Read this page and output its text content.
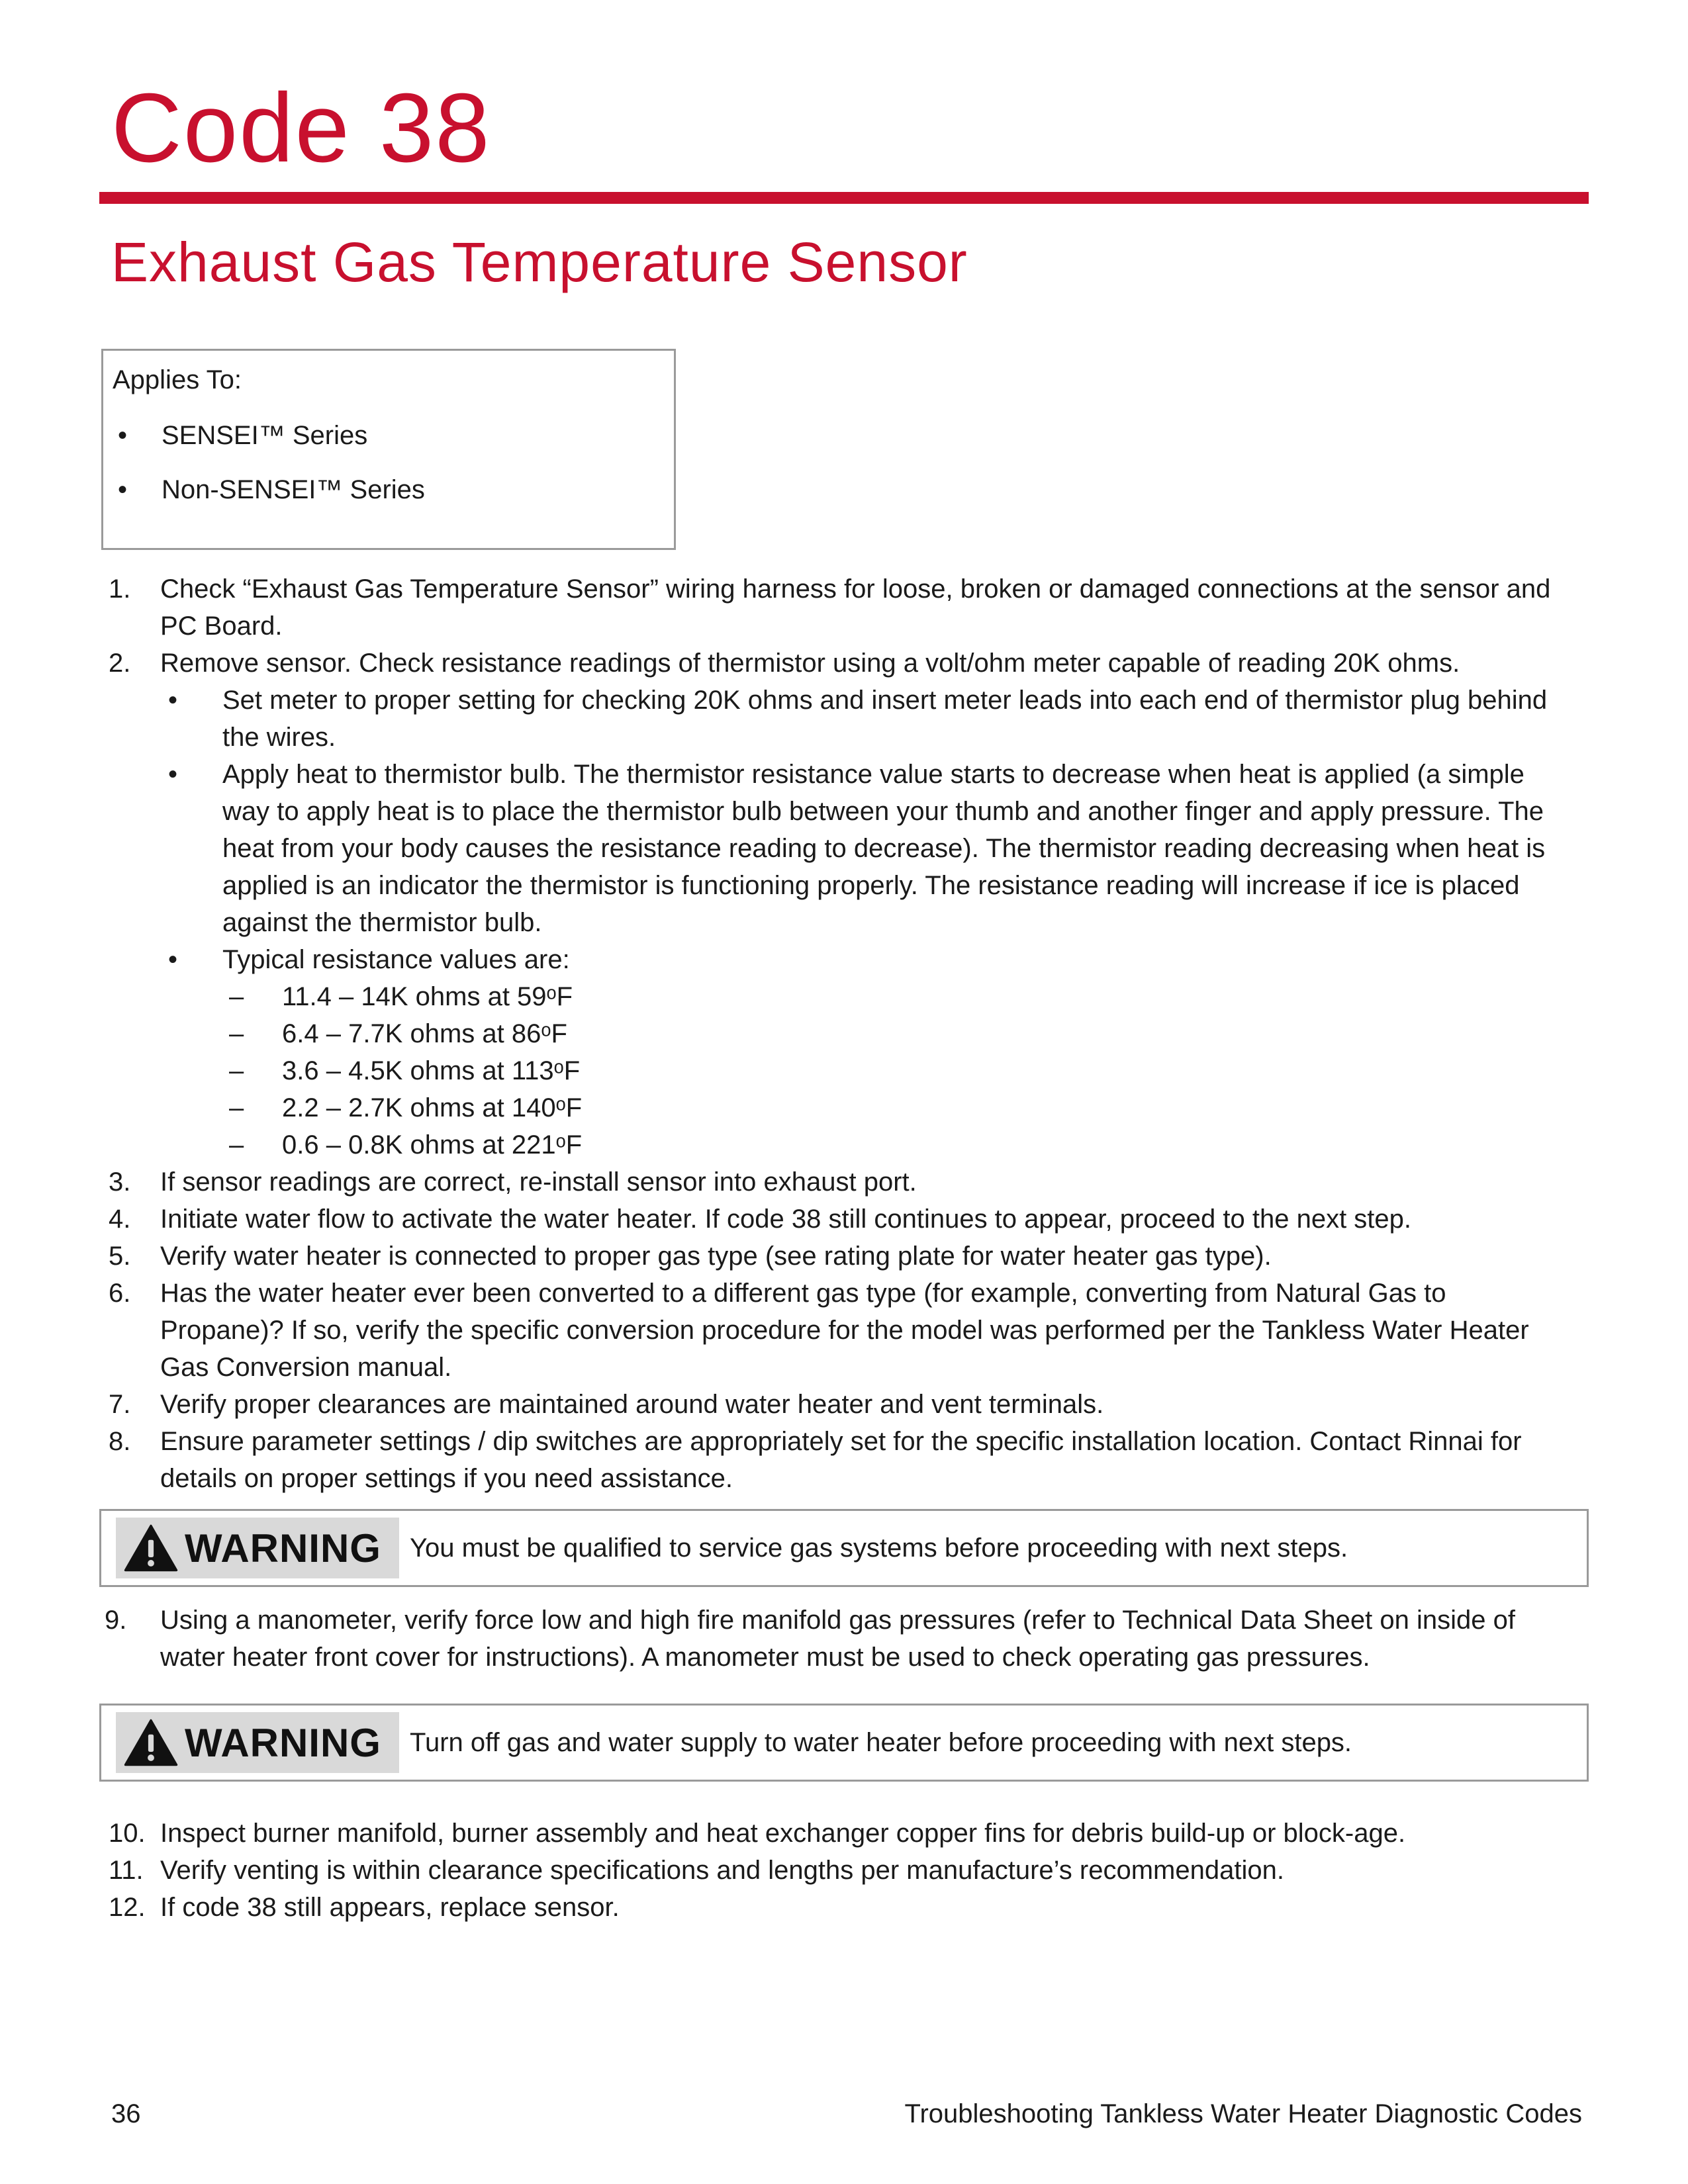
Code 38
Exhaust Gas Temperature Sensor
Applies To:
• SENSEI™ Series
• Non-SENSEI™ Series
1. Check “Exhaust Gas Temperature Sensor” wiring harness for loose, broken or damaged connections at the sensor and PC Board.
2. Remove sensor. Check resistance readings of thermistor using a volt/ohm meter capable of reading 20K ohms.
• Set meter to proper setting for checking 20K ohms and insert meter leads into each end of thermistor plug behind the wires.
• Apply heat to thermistor bulb. The thermistor resistance value starts to decrease when heat is applied (a simple way to apply heat is to place the thermistor bulb between your thumb and another finger and apply pressure. The heat from your body causes the resistance reading to decrease). The thermistor reading decreasing when heat is applied is an indicator the thermistor is functioning properly. The resistance reading will increase if ice is placed against the thermistor bulb.
• Typical resistance values are:
– 11.4 – 14K ohms at 59ᵒF
– 6.4 – 7.7K ohms at 86ᵒF
– 3.6 – 4.5K ohms at 113ᵒF
– 2.2 – 2.7K ohms at 140ᵒF
– 0.6 – 0.8K ohms at 221ᵒF
3. If sensor readings are correct, re-install sensor into exhaust port.
4. Initiate water flow to activate the water heater. If code 38 still continues to appear, proceed to the next step.
5. Verify water heater is connected to proper gas type (see rating plate for water heater gas type).
6. Has the water heater ever been converted to a different gas type (for example, converting from Natural Gas to Propane)? If so, verify the specific conversion procedure for the model was performed per the Tankless Water Heater Gas Conversion manual.
7. Verify proper clearances are maintained around water heater and vent terminals.
8. Ensure parameter settings / dip switches are appropriately set for the specific installation location. Contact Rinnai for details on proper settings if you need assistance.
WARNING You must be qualified to service gas systems before proceeding with next steps.
9. Using a manometer, verify force low and high fire manifold gas pressures (refer to Technical Data Sheet on inside of water heater front cover for instructions). A manometer must be used to check operating gas pressures.
WARNING Turn off gas and water supply to water heater before proceeding with next steps.
10. Inspect burner manifold, burner assembly and heat exchanger copper fins for debris build-up or block-age.
11. Verify venting is within clearance specifications and lengths per manufacture’s recommendation.
12. If code 38 still appears, replace sensor.
36	Troubleshooting Tankless Water Heater Diagnostic Codes
